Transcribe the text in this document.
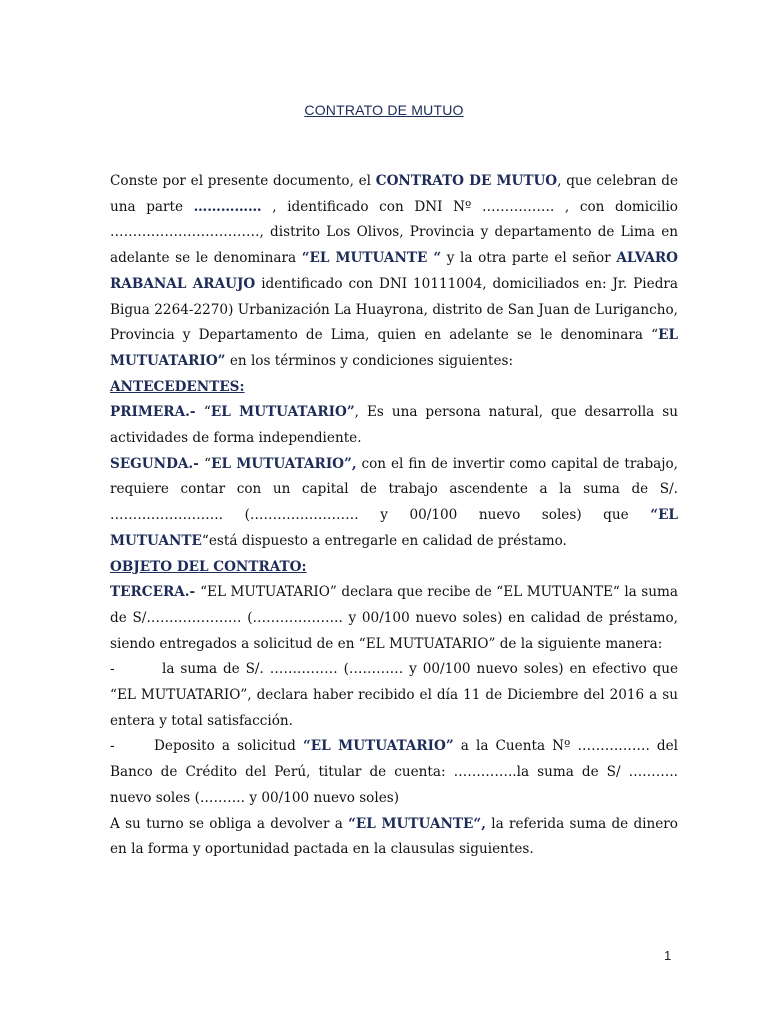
CONTRATO DE MUTUO

Conste por el presente documento, el CONTRATO DE MUTUO, que celebran de una parte …………… , identificado con DNI Nº ……………. , con domicilio ……………………………, distrito Los Olivos, Provincia y departamento de Lima en adelante se le denominara “EL MUTUANTE “ y la otra parte el señor ALVARO RABANAL ARAUJO identificado con DNI 10111004, domiciliados en: Jr. Piedra Bigua 2264-2270) Urbanización La Huayrona, distrito de San Juan de Lurigancho, Provincia y Departamento de Lima, quien en adelante se le denominara “EL MUTUATARIO” en los términos y condiciones siguientes:

ANTECEDENTES:

PRIMERA.- “EL MUTUATARIO”, Es una persona natural, que desarrolla su actividades de forma independiente.

SEGUNDA.- “EL MUTUATARIO”, con el fin de invertir como capital de trabajo, requiere contar con un capital de trabajo ascendente a la suma de S/. ……………………. (…………………… y 00/100 nuevo soles) que “EL MUTUANTE“está dispuesto a entregarle en calidad de préstamo.

OBJETO DEL CONTRATO:

TERCERA.- “EL MUTUATARIO” declara que recibe de “EL MUTUANTE“ la suma de S/………………… (……………….. y 00/100 nuevo soles) en calidad de préstamo, siendo entregados a solicitud de en “EL MUTUATARIO” de la siguiente manera:

-	la suma de S/. …………… (………… y 00/100 nuevo soles) en efectivo que “EL MUTUATARIO”, declara haber recibido el día 11 de Diciembre del 2016 a su entera y total satisfacción.

-	Deposito a solicitud “EL MUTUATARIO” a la Cuenta Nº ……………. del Banco de Crédito del Perú, titular de cuenta: …………..la suma de S/ ……….. nuevo soles (………. y 00/100 nuevo soles)

A su turno se obliga a devolver a “EL MUTUANTE“, la referida suma de dinero en la forma y oportunidad pactada en la clausulas siguientes.

1
